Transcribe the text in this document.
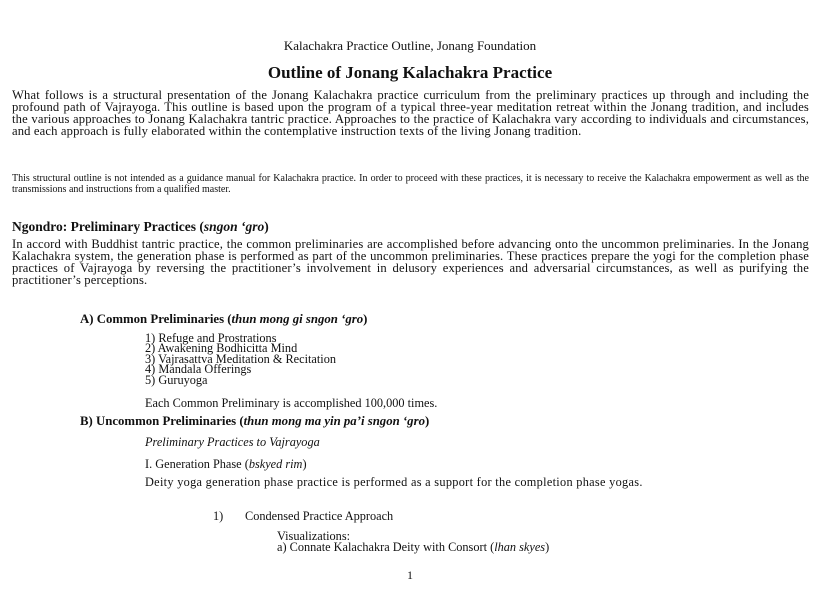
Kalachakra Practice Outline, Jonang Foundation
Outline of Jonang Kalachakra Practice

What follows is a structural presentation of the Jonang Kalachakra practice curriculum from the preliminary practices up through and including the profound path of Vajrayoga. This outline is based upon the program of a typical three-year meditation retreat within the Jonang tradition, and includes the various approaches to Jonang Kalachakra tantric practice. Approaches to the practice of Kalachakra vary according to individuals and circumstances, and each approach is fully elaborated within the contemplative instruction texts of the living Jonang tradition.

This structural outline is not intended as a guidance manual for Kalachakra practice. In order to proceed with these practices, it is necessary to receive the Kalachakra empowerment as well as the transmissions and instructions from a qualified master.

Ngondro: Preliminary Practices (sngon ‘gro)

In accord with Buddhist tantric practice, the common preliminaries are accomplished before advancing onto the uncommon preliminaries. In the Jonang Kalachakra system, the generation phase is performed as part of the uncommon preliminaries. These practices prepare the yogi for the completion phase practices of Vajrayoga by reversing the practitioner’s involvement in delusory experiences and adversarial circumstances, as well as purifying the practitioner’s perceptions.

A) Common Preliminaries (thun mong gi sngon ‘gro)
1) Refuge and Prostrations
2) Awakening Bodhicitta Mind
3) Vajrasattva Meditation & Recitation
4) Mandala Offerings
5) Guruyoga
Each Common Preliminary is accomplished 100,000 times.
B) Uncommon Preliminaries (thun mong ma yin pa’i sngon ‘gro)
Preliminary Practices to Vajrayoga
I. Generation Phase (bskyed rim)

Deity yoga generation phase practice is performed as a support for the completion phase yogas.

1) Condensed Practice Approach
Visualizations:
a) Connate Kalachakra Deity with Consort (lhan skyes)
1
